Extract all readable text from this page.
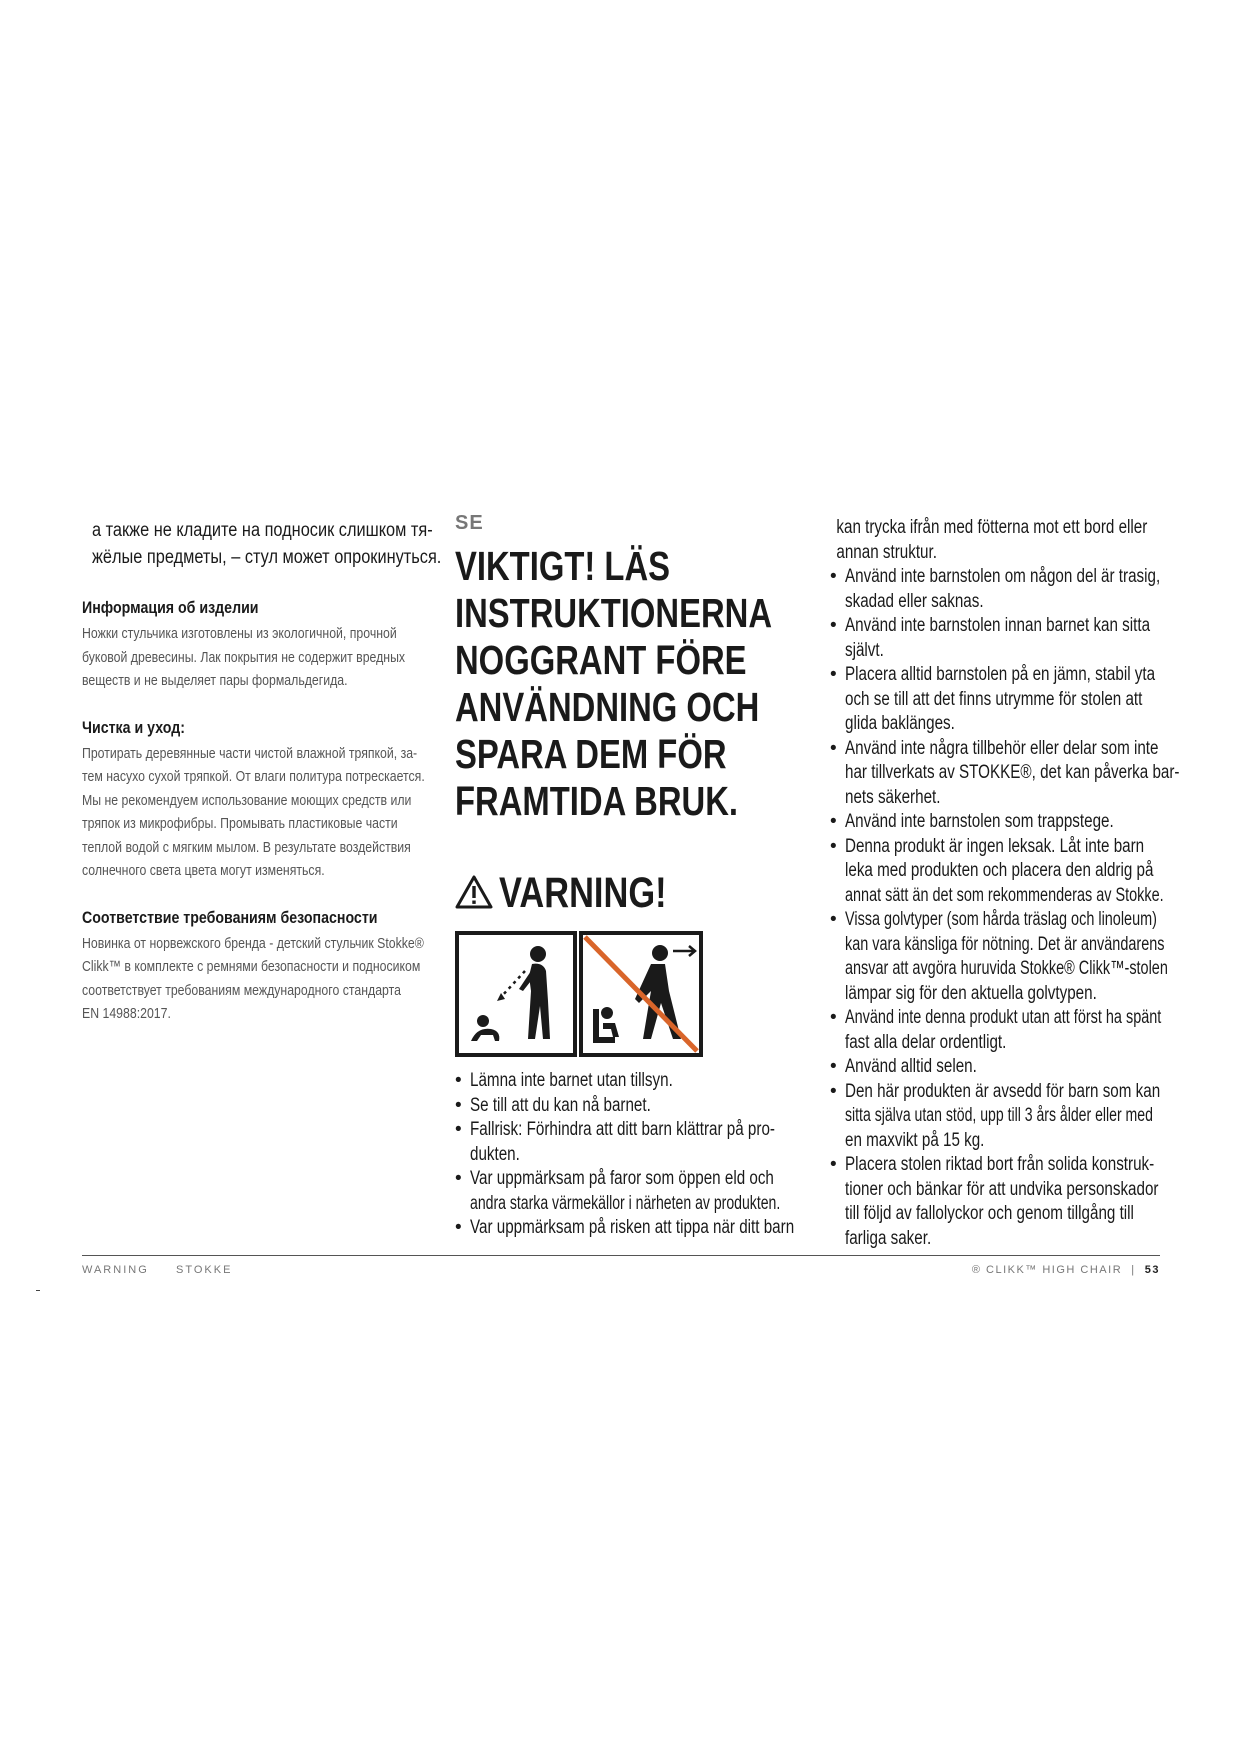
а также не кладите на подносик слишком тя-
жёлые предметы, – стул может опрокинуться.
Информация об изделии
Ножки стульчика изготовлены из экологичной, прочной
буковой древесины. Лак покрытия не содержит вредных
веществ и не выделяет пары формальдегида.
Чистка и уход:
Протирать деревянные части чистой влажной тряпкой, за-
тем насухо сухой тряпкой. От влаги политура потрескается.
Мы не рекомендуем использование моющих средств или
тряпок из микрофибры. Промывать пластиковые части
теплой водой с мягким мылом. В результате воздействия
солнечного света цвета могут изменяться.
Соответствие требованиям безопасности
Новинка от норвежского бренда - детский стульчик Stokke®
Clikk™ в комплекте с ремнями безопасности и подносиком
соответствует требованиям международного стандарта
EN 14988:2017.
SE
VIKTIGT! LÄS
INSTRUKTIONERNA
NOGGRANT FÖRE
ANVÄNDNING OCH
SPARA DEM FÖR
FRAMTIDA BRUK.
VARNING!
• Lämna inte barnet utan tillsyn.
• Se till att du kan nå barnet.
• Fallrisk: Förhindra att ditt barn klättrar på pro-
dukten.
• Var uppmärksam på faror som öppen eld och
andra starka värmekällor i närheten av produkten.
• Var uppmärksam på risken att tippa när ditt barn
kan trycka ifrån med fötterna mot ett bord eller
annan struktur.
• Använd inte barnstolen om någon del är trasig,
skadad eller saknas.
• Använd inte barnstolen innan barnet kan sitta
självt.
• Placera alltid barnstolen på en jämn, stabil yta
och se till att det finns utrymme för stolen att
glida baklänges.
• Använd inte några tillbehör eller delar som inte
har tillverkats av STOKKE®, det kan påverka bar-
nets säkerhet.
• Använd inte barnstolen som trappstege.
• Denna produkt är ingen leksak. Låt inte barn
leka med produkten och placera den aldrig på
annat sätt än det som rekommenderas av Stokke.
• Vissa golvtyper (som hårda träslag och linoleum)
kan vara känsliga för nötning. Det är användarens
ansvar att avgöra huruvida Stokke® Clikk™-stolen
lämpar sig för den aktuella golvtypen.
• Använd inte denna produkt utan att först ha spänt
fast alla delar ordentligt.
• Använd alltid selen.
• Den här produkten är avsedd för barn som kan
sitta själva utan stöd, upp till 3 års ålder eller med
en maxvikt på 15 kg.
• Placera stolen riktad bort från solida konstruk-
tioner och bänkar för att undvika personskador
till följd av fallolyckor och genom tillgång till
farliga saker.
WARNING STOKKE	® CLIKK™ HIGH CHAIR | 53
